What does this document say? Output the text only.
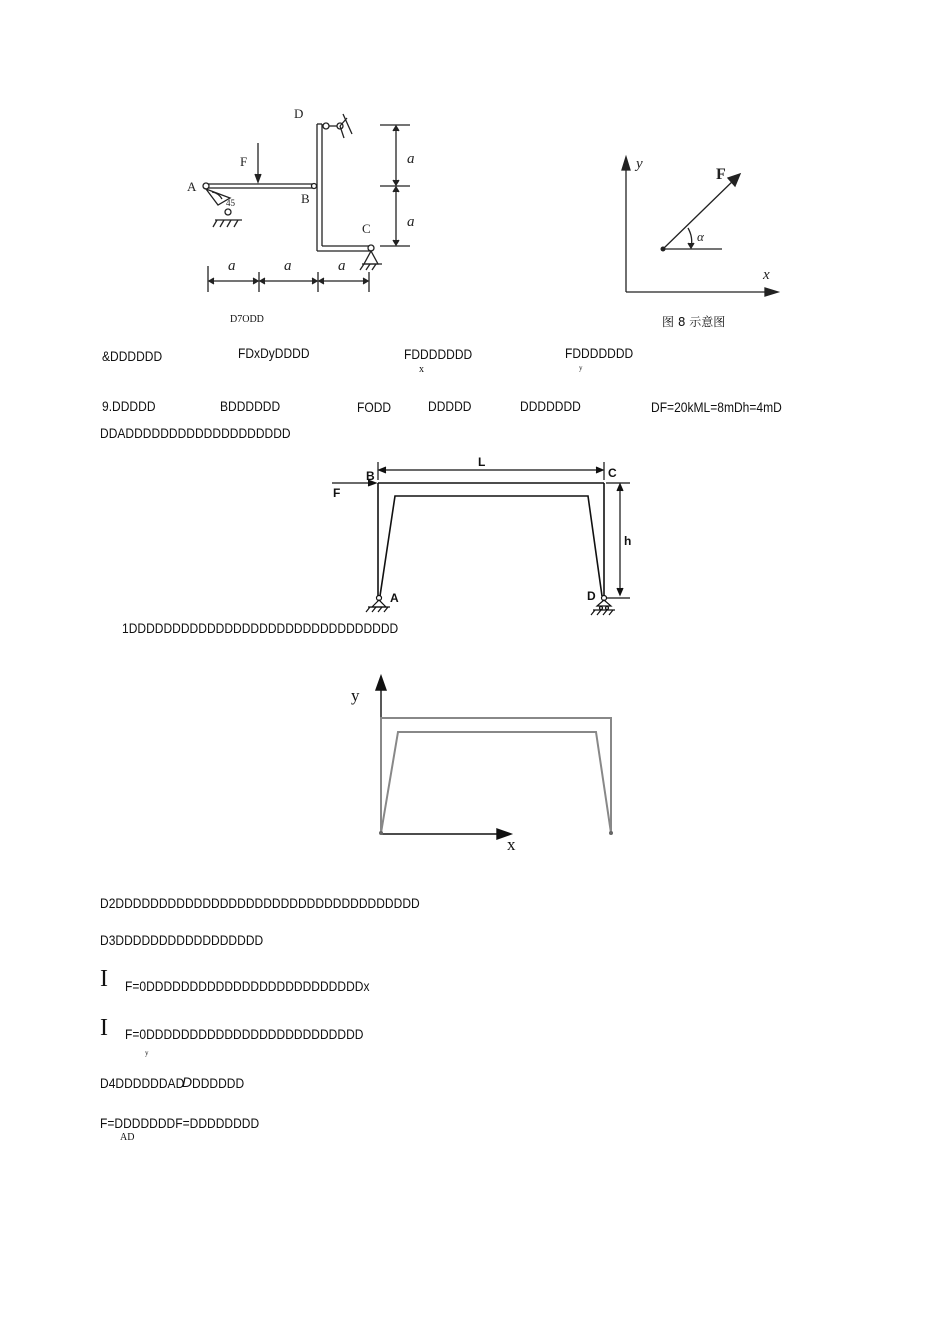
D
F
A
B
C
45
a
a
a	a	a
y
F
α
x
D7ODD	图 8 示意图
&DDDDDD	FDxDyDDDD	FDDDDDDD
x
FDDDDDDD
y
9.DDDDD	BDDDDDD	FODD	DDDDD	DDDDDDD	DF=20kML=8mDh=4mD
DDADDDDDDDDDDDDDDDDDDD
L
B	C
F
h
A	D
1DDDDDDDDDDDDDDDDDDDDDDDDDDDDDDD
y
x
D2DDDDDDDDDDDDDDDDDDDDDDDDDDDDDDDDDDD
D3DDDDDDDDDDDDDDDDD
I F=0DDDDDDDDDDDDDDDDDDDDDDDDDx
I F=0DDDDDDDDDDDDDDDDDDDDDDDDD
y
D4DDDDDDAD
D DDDDDD
F=DDDDDDDF=DDDDDDDD
AD
